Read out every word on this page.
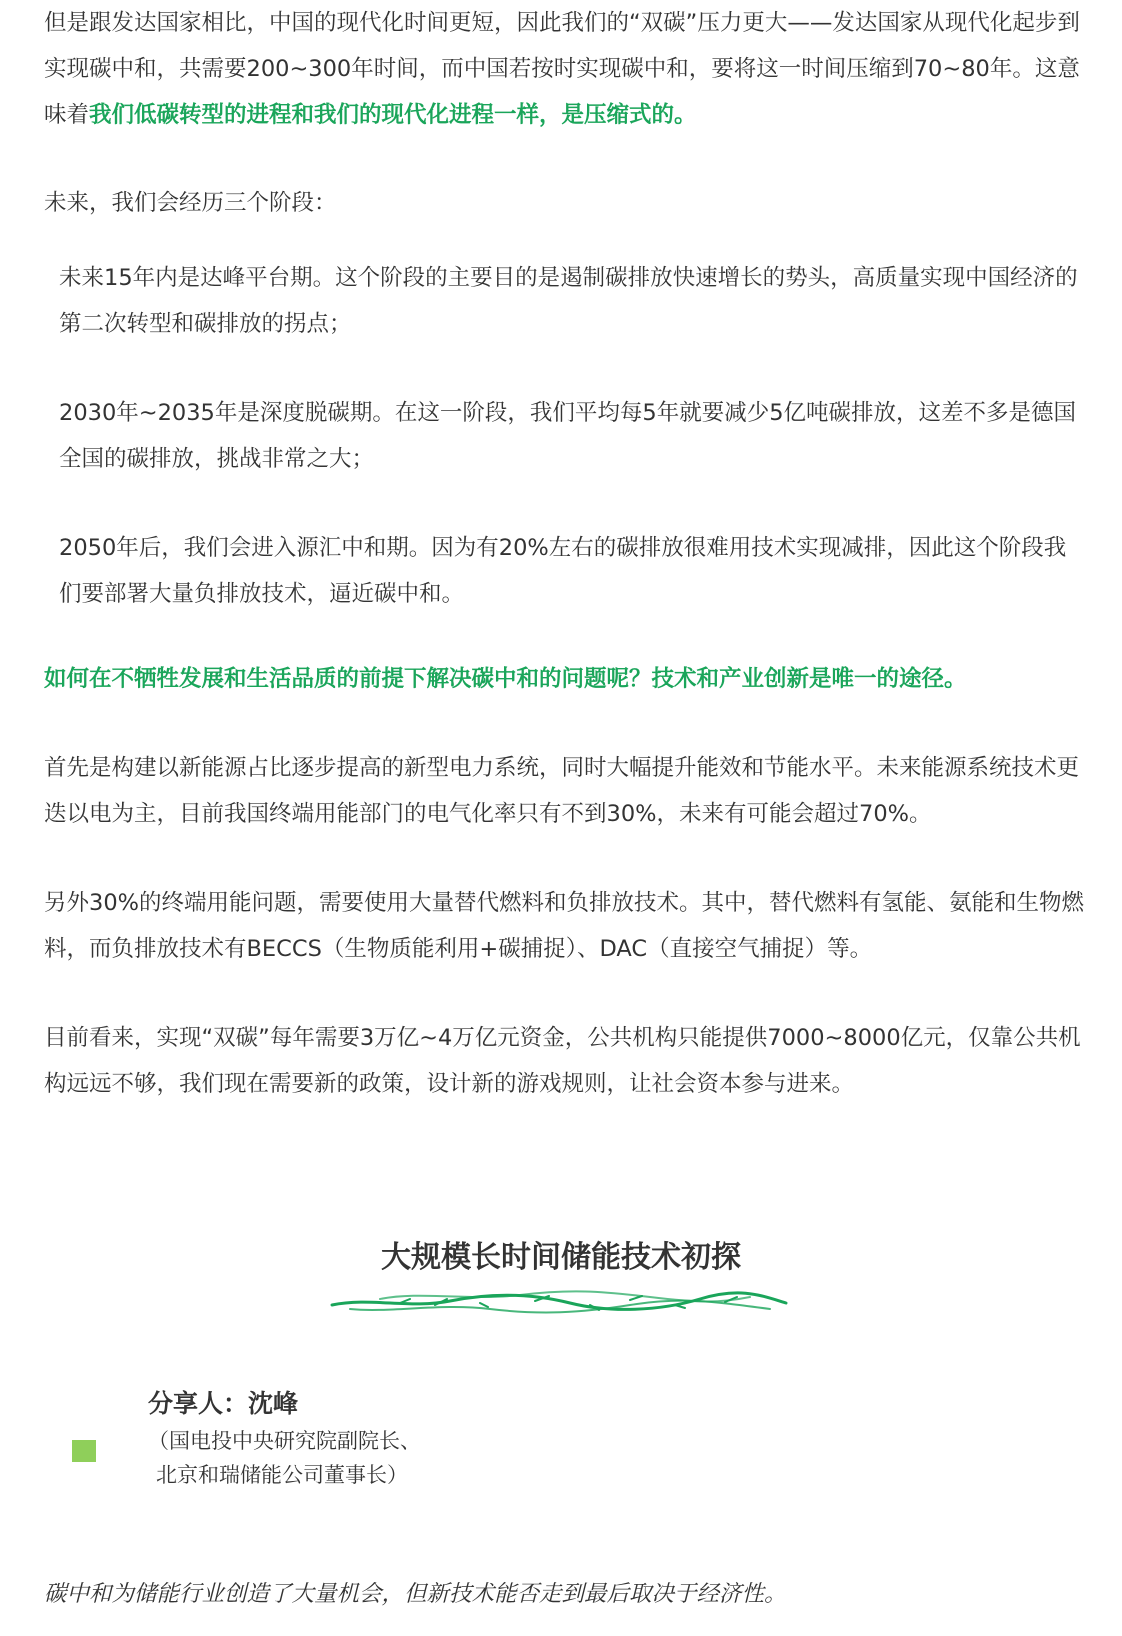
但是跟发达国家相比，中国的现代化时间更短，因此我们的“双碳”压力更大——发达国家从现代化起步到实现碳中和，共需要200~300年时间，而中国若按时实现碳中和，要将这一时间压缩到70~80年。这意味着我们低碳转型的进程和我们的现代化进程一样，是压缩式的。

未来，我们会经历三个阶段：

未来15年内是达峰平台期。这个阶段的主要目的是遏制碳排放快速增长的势头，高质量实现中国经济的第二次转型和碳排放的拐点；

2030年~2035年是深度脱碳期。在这一阶段，我们平均每5年就要减少5亿吨碳排放，这差不多是德国全国的碳排放，挑战非常之大；

2050年后，我们会进入源汇中和期。因为有20%左右的碳排放很难用技术实现减排，因此这个阶段我们要部署大量负排放技术，逼近碳中和。

如何在不牺牲发展和生活品质的前提下解决碳中和的问题呢？技术和产业创新是唯一的途径。

首先是构建以新能源占比逐步提高的新型电力系统，同时大幅提升能效和节能水平。未来能源系统技术更迭以电为主，目前我国终端用能部门的电气化率只有不到30%，未来有可能会超过70%。

另外30%的终端用能问题，需要使用大量替代燃料和负排放技术。其中，替代燃料有氢能、氨能和生物燃料，而负排放技术有BECCS（生物质能利用+碳捕捉）、DAC（直接空气捕捉）等。

目前看来，实现“双碳”每年需要3万亿~4万亿元资金，公共机构只能提供7000~8000亿元，仅靠公共机构远远不够，我们现在需要新的政策，设计新的游戏规则，让社会资本参与进来。

大规模长时间储能技术初探
分享人：沈峰
（国电投中央研究院副院长、
北京和瑞储能公司董事长）

碳中和为储能行业创造了大量机会，但新技术能否走到最后取决于经济性。
